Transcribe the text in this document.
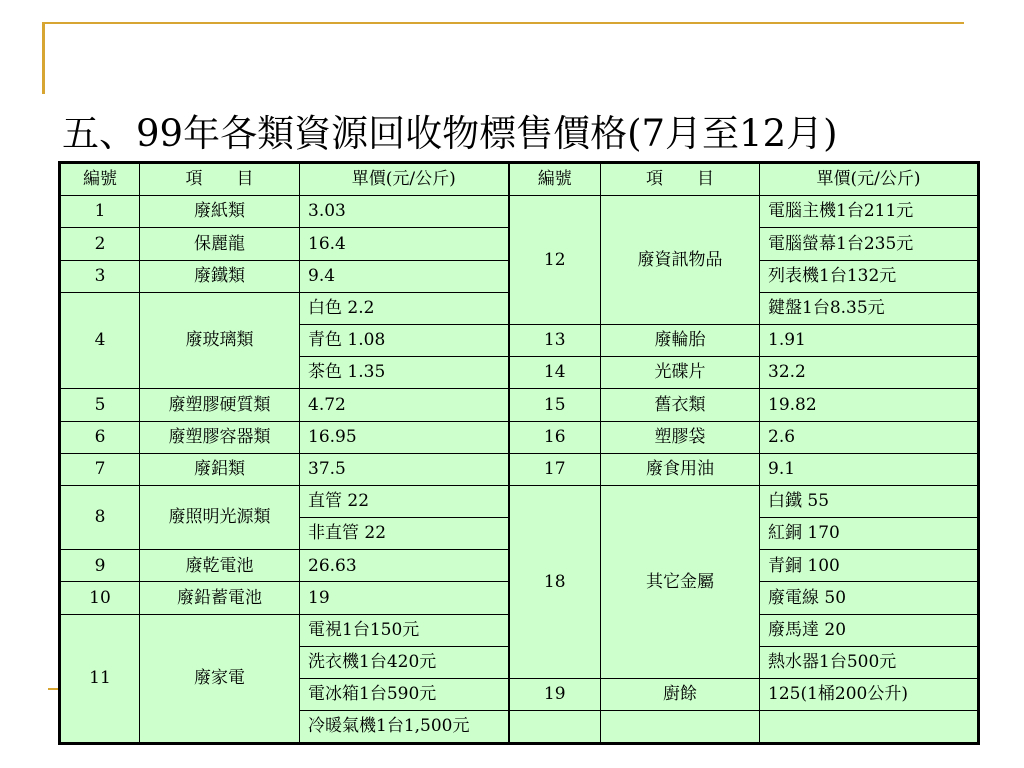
五、99年各類資源回收物標售價格(7月至12月)
編號	項　　目	單價(元/公斤)	編號	項　　目	單價(元/公斤)
1	廢紙類	3.03	12	廢資訊物品	電腦主機1台211元
2	保麗龍	16.4			電腦螢幕1台235元
3	廢鐵類	9.4			列表機1台132元
4	廢玻璃類	白色 2.2			鍵盤1台8.35元
		青色 1.08	13	廢輪胎	1.91
		茶色 1.35	14	光碟片	32.2
5	廢塑膠硬質類	4.72	15	舊衣類	19.82
6	廢塑膠容器類	16.95	16	塑膠袋	2.6
7	廢鋁類	37.5	17	廢食用油	9.1
8	廢照明光源類	直管 22	18	其它金屬	白鐵 55
		非直管 22			紅銅 170
9	廢乾電池	26.63			青銅 100
10	廢鉛蓄電池	19			廢電線 50
11	廢家電	電視1台150元			廢馬達 20
		洗衣機1台420元			熱水器1台500元
		電冰箱1台590元	19	廚餘	125(1桶200公升)
		冷暖氣機1台1,500元			
